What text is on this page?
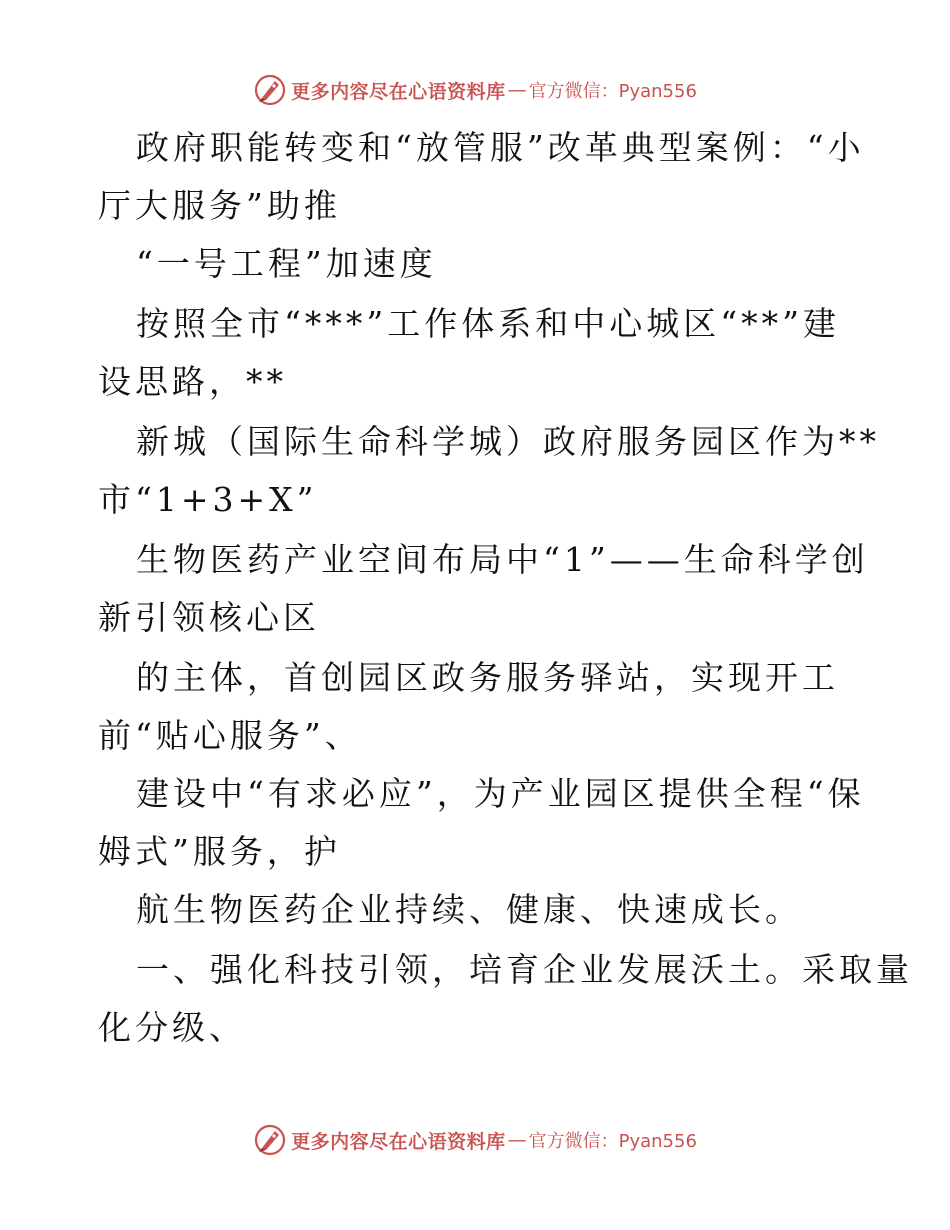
更多内容尽在心语资料库 — 官方微信：Pyan556
政府职能转变和“放管服”改革典型案例：“小
厅大服务”助推
“一号工程”加速度
按照全市“***”工作体系和中心城区“**”建
设思路，**
新城（国际生命科学城）政府服务园区作为**
市“1+3+X”
生物医药产业空间布局中“1”——生命科学创
新引领核心区
的主体，首创园区政务服务驿站，实现开工
前“贴心服务”、
建设中“有求必应”，为产业园区提供全程“保
姆式”服务，护
航生物医药企业持续、健康、快速成长。
一、强化科技引领，培育企业发展沃土。采取量
化分级、
更多内容尽在心语资料库 — 官方微信：Pyan556
